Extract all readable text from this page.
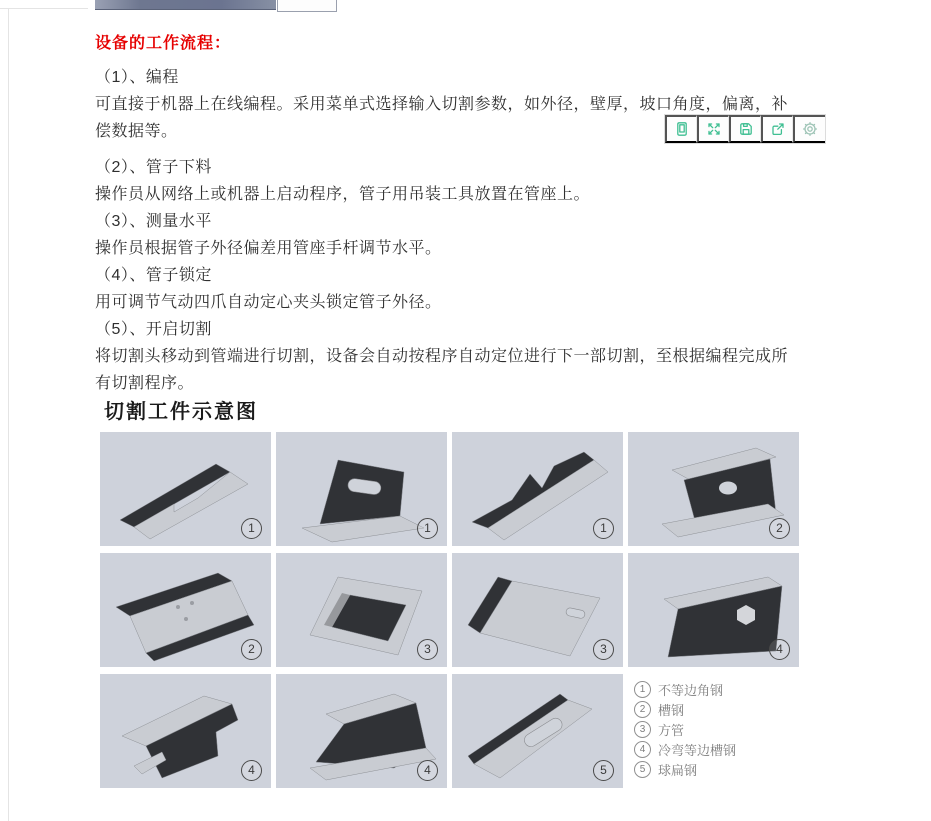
设备的工作流程：

（1）、编程

可直接于机器上在线编程。采用菜单式选择输入切割参数，如外径，壁厚，坡口角度，偏离，补偿数据等。

（2）、管子下料

操作员从网络上或机器上启动程序，管子用吊装工具放置在管座上。

（3）、测量水平

操作员根据管子外径偏差用管座手杆调节水平。

（4）、管子锁定

用可调节气动四爪自动定心夹头锁定管子外径。

（5）、开启切割

将切割头移动到管端进行切割，设备会自动按程序自动定位进行下一部切割，至根据编程完成所有切割程序。

切割工件示意图
1	1	1	2
2	3	3	4
4	4	5
1 不等边角钢
2 槽钢
3 方管
4 冷弯等边槽钢
5 球扁钢
